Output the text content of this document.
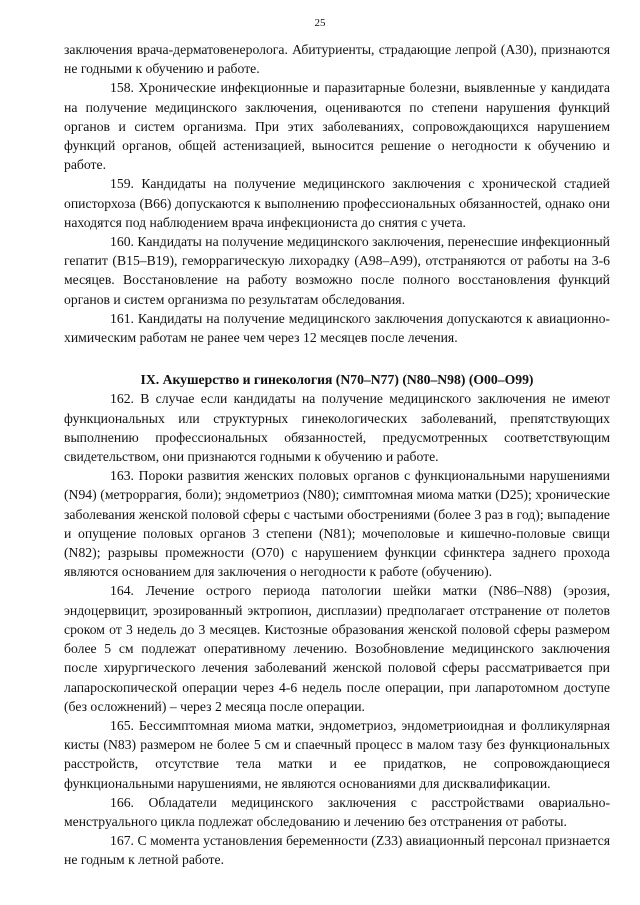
25

заключения врача-дерматовенеролога. Абитуриенты, страдающие лепрой (A30), признаются не годными к обучению и работе.

158. Хронические инфекционные и паразитарные болезни, выявленные у кандидата на получение медицинского заключения, оцениваются по степени нарушения функций органов и систем организма. При этих заболеваниях, сопровождающихся нарушением функций органов, общей астенизацией, выносится решение о негодности к обучению и работе.

159. Кандидаты на получение медицинского заключения с хронической стадией описторхоза (B66) допускаются к выполнению профессиональных обязанностей, однако они находятся под наблюдением врача инфекциониста до снятия с учета.

160. Кандидаты на получение медицинского заключения, перенесшие инфекционный гепатит (B15–B19), геморрагическую лихорадку (A98–A99), отстраняются от работы на 3-6 месяцев. Восстановление на работу возможно после полного восстановления функций органов и систем организма по результатам обследования.

161. Кандидаты на получение медицинского заключения допускаются к авиационно-химическим работам не ранее чем через 12 месяцев после лечения.

IX. Акушерство и гинекология (N70–N77) (N80–N98) (O00–O99)

162. В случае если кандидаты на получение медицинского заключения не имеют функциональных или структурных гинекологических заболеваний, препятствующих выполнению профессиональных обязанностей, предусмотренных соответствующим свидетельством, они признаются годными к обучению и работе.

163. Пороки развития женских половых органов с функциональными нарушениями (N94) (метроррагия, боли); эндометриоз (N80); симптомная миома матки (D25); хронические заболевания женской половой сферы с частыми обострениями (более 3 раз в год); выпадение и опущение половых органов 3 степени (N81); мочеполовые и кишечно-половые свищи (N82); разрывы промежности (O70) с нарушением функции сфинктера заднего прохода являются основанием для заключения о негодности к работе (обучению).

164. Лечение острого периода патологии шейки матки (N86–N88) (эрозия, эндоцервицит, эрозированный эктропион, дисплазии) предполагает отстранение от полетов сроком от 3 недель до 3 месяцев. Кистозные образования женской половой сферы размером более 5 см подлежат оперативному лечению. Возобновление медицинского заключения после хирургического лечения заболеваний женской половой сферы рассматривается при лапароскопической операции через 4-6 недель после операции, при лапаротомном доступе (без осложнений) – через 2 месяца после операции.

165. Бессимптомная миома матки, эндометриоз, эндометриоидная и фолликулярная кисты (N83) размером не более 5 см и спаечный процесс в малом тазу без функциональных расстройств, отсутствие тела матки и ее придатков, не сопровождающиеся функциональными нарушениями, не являются основаниями для дисквалификации.

166. Обладатели медицинского заключения с расстройствами овариально-менструального цикла подлежат обследованию и лечению без отстранения от работы.

167. С момента установления беременности (Z33) авиационный персонал признается не годным к летной работе.
